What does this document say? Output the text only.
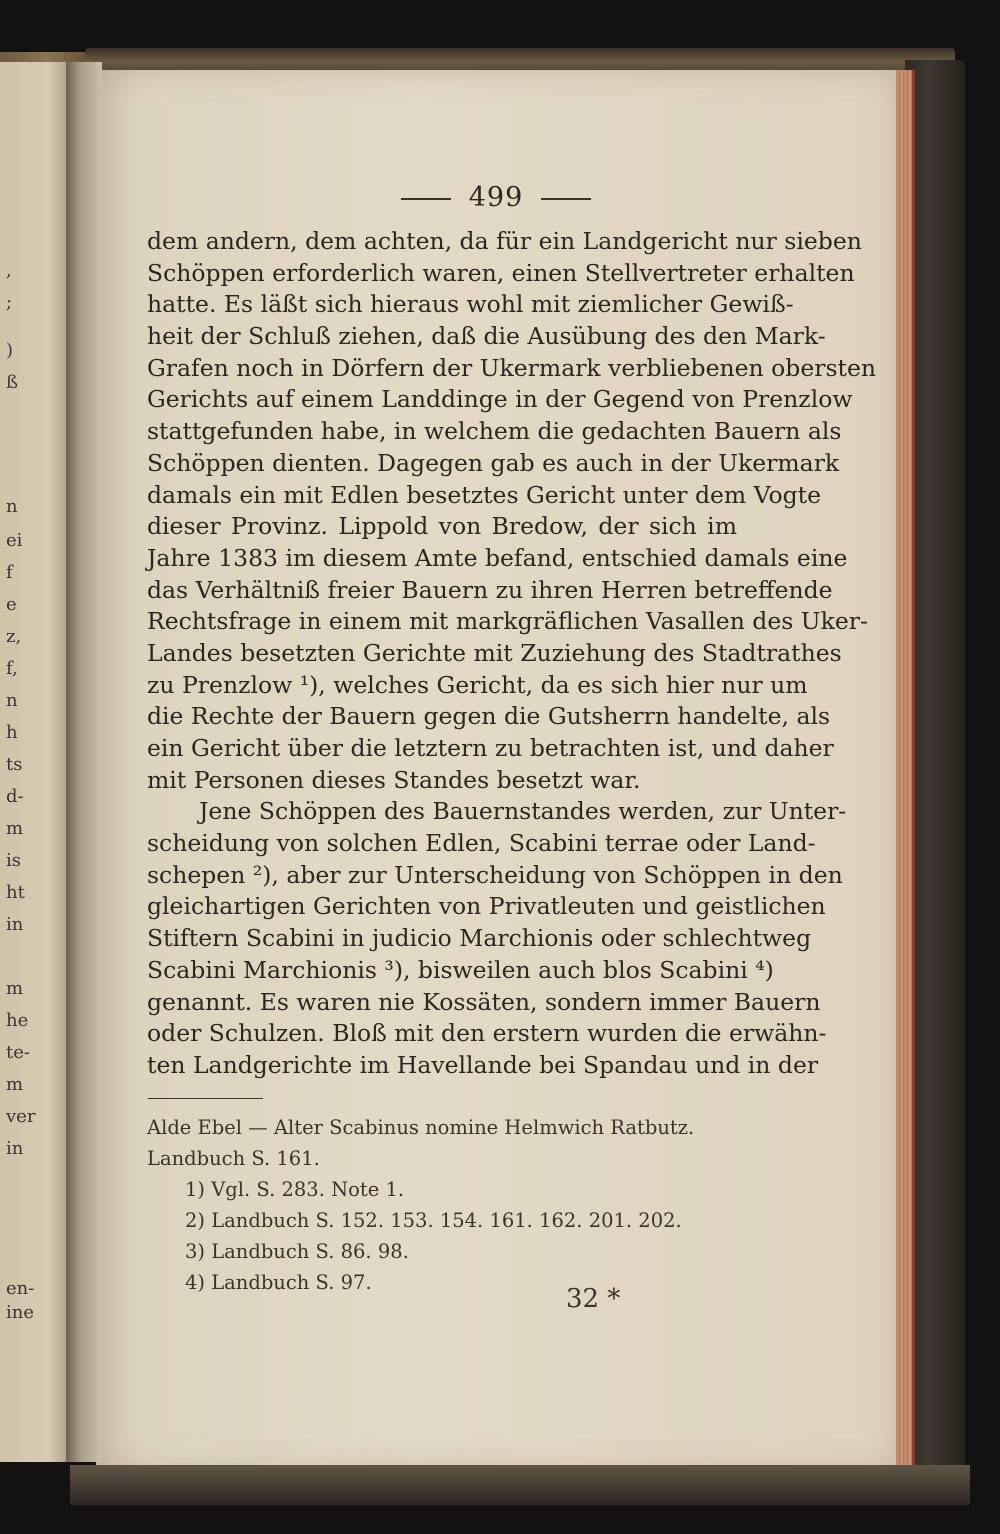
,
;
)
ß
n
ei
f
e
z,
f,
n
h
ts
d-
m
is
ht
in
m
he
te-
m
ver
in
en-
ine
499
dem andern, dem achten, da für ein Landgericht nur sieben
Schöppen erforderlich waren, einen Stellvertreter erhalten
hatte. Es läßt sich hieraus wohl mit ziemlicher Gewiß-
heit der Schluß ziehen, daß die Ausübung des den Mark-
Grafen noch in Dörfern der Ukermark verbliebenen obersten
Gerichts auf einem Landdinge in der Gegend von Prenzlow
stattgefunden habe, in welchem die gedachten Bauern als
Schöppen dienten. Dagegen gab es auch in der Ukermark
damals ein mit Edlen besetztes Gericht unter dem Vogte
dieser Provinz. Lippold von Bredow, der sich im
Jahre 1383 im diesem Amte befand, entschied damals eine
das Verhältniß freier Bauern zu ihren Herren betreffende
Rechtsfrage in einem mit markgräflichen Vasallen des Uker-
Landes besetzten Gerichte mit Zuziehung des Stadtrathes
zu Prenzlow ¹), welches Gericht, da es sich hier nur um
die Rechte der Bauern gegen die Gutsherrn handelte, als
ein Gericht über die letztern zu betrachten ist, und daher
mit Personen dieses Standes besetzt war.
Jene Schöppen des Bauernstandes werden, zur Unter-
scheidung von solchen Edlen, Scabini terrae oder Land-
schepen ²), aber zur Unterscheidung von Schöppen in den
gleichartigen Gerichten von Privatleuten und geistlichen
Stiftern Scabini in judicio Marchionis oder schlechtweg
Scabini Marchionis ³), bisweilen auch blos Scabini ⁴)
genannt. Es waren nie Kossäten, sondern immer Bauern
oder Schulzen. Bloß mit den erstern wurden die erwähn-
ten Landgerichte im Havellande bei Spandau und in der
Alde Ebel — Alter Scabinus nomine Helmwich Ratbutz.
Landbuch S. 161.
1) Vgl. S. 283. Note 1.
2) Landbuch S. 152. 153. 154. 161. 162. 201. 202.
3) Landbuch S. 86. 98.
4) Landbuch S. 97.
32 *
